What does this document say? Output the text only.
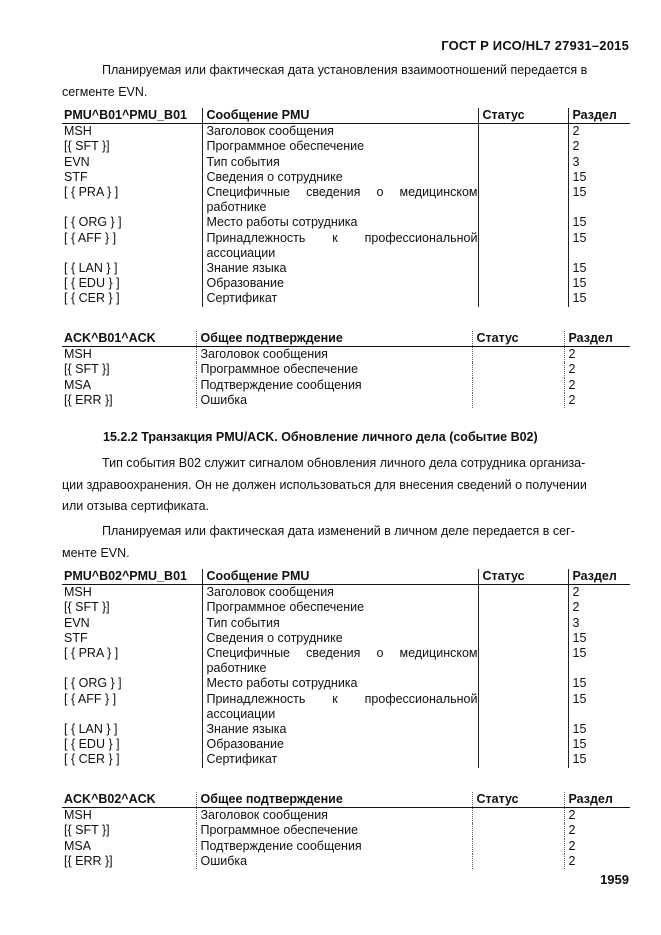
ГОСТ Р ИСО/HL7 27931–2015
Планируемая или фактическая дата установления взаимоотношений передается в
сегменте EVN.
PMU^B01^PMU_B01	Сообщение PMU	Статус	Раздел
MSH	Заголовок сообщения		2
[{ SFT }]	Программное обеспечение		2
EVN	Тип события		3
STF	Сведения о сотруднике		15
[ { PRA } ]	Специфичные сведения о медицинском работнике		15
[ { ORG } ]	Место работы сотрудника		15
[ { AFF } ]	Принадлежность к профессиональной ассоциации		15
[ { LAN } ]	Знание языка		15
[ { EDU } ]	Образование		15
[ { CER } ]	Сертификат		15
ACK^B01^ACK	Общее подтверждение	Статус	Раздел
MSH	Заголовок сообщения		2
[{ SFT }]	Программное обеспечение		2
MSA	Подтверждение сообщения		2
[{ ERR }]	Ошибка		2
15.2.2 Транзакция PMU/ACK. Обновление личного дела (событие B02)
Тип события B02 служит сигналом обновления личного дела сотрудника организа-
ции здравоохранения. Он не должен использоваться для внесения сведений о получении
или отзыва сертификата.
Планируемая или фактическая дата изменений в личном деле передается в сег-
менте EVN.
PMU^B02^PMU_B01	Сообщение PMU	Статус	Раздел
MSH	Заголовок сообщения		2
[{ SFT }]	Программное обеспечение		2
EVN	Тип события		3
STF	Сведения о сотруднике		15
[ { PRA } ]	Специфичные сведения о медицинском работнике		15
[ { ORG } ]	Место работы сотрудника		15
[ { AFF } ]	Принадлежность к профессиональной ассоциации		15
[ { LAN } ]	Знание языка		15
[ { EDU } ]	Образование		15
[ { CER } ]	Сертификат		15
ACK^B02^ACK	Общее подтверждение	Статус	Раздел
MSH	Заголовок сообщения		2
[{ SFT }]	Программное обеспечение		2
MSA	Подтверждение сообщения		2
[{ ERR }]	Ошибка		2
1959
